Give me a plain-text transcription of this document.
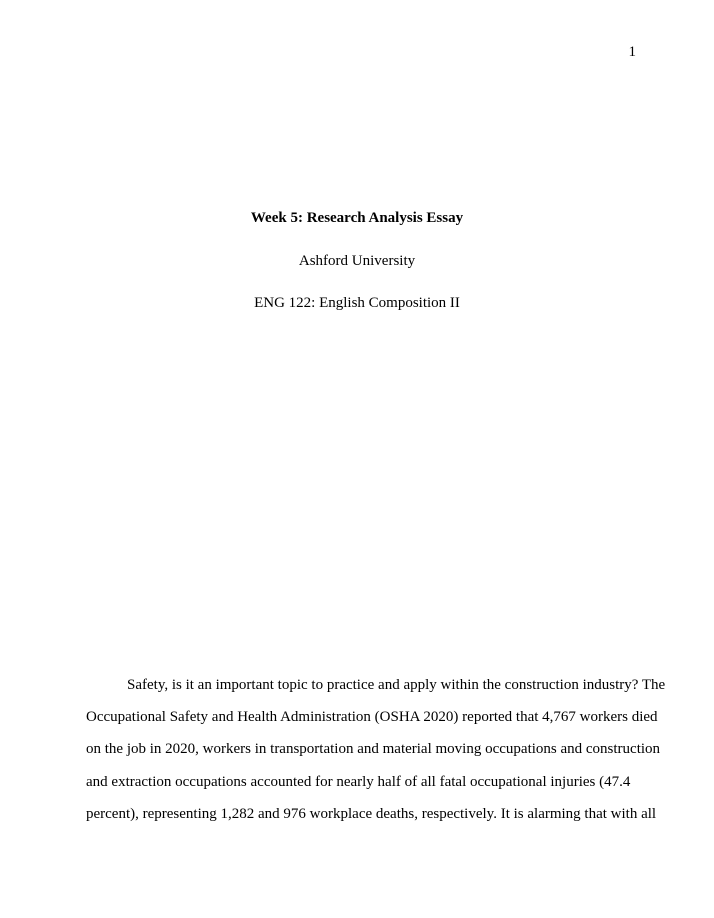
1
Week 5: Research Analysis Essay
Ashford University
ENG 122: English Composition II
Safety, is it an important topic to practice and apply within the construction industry? The
Occupational Safety and Health Administration (OSHA 2020) reported that 4,767 workers died
on the job in 2020, workers in transportation and material moving occupations and construction
and extraction occupations accounted for nearly half of all fatal occupational injuries (47.4
percent), representing 1,282 and 976 workplace deaths, respectively. It is alarming that with all
